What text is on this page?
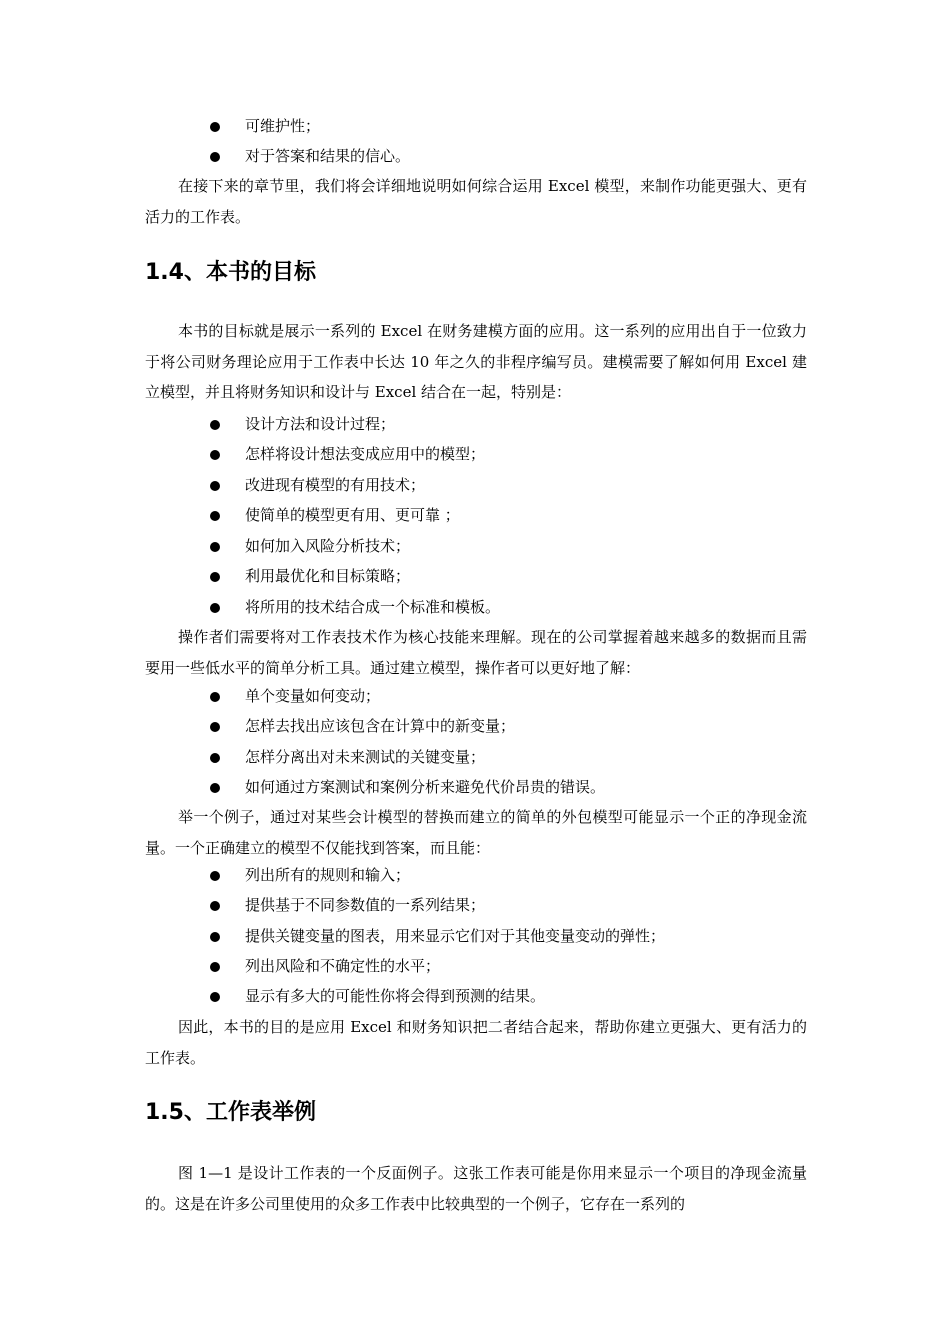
可维护性；
对于答案和结果的信心。

在接下来的章节里，我们将会详细地说明如何综合运用 Excel 模型，来制作功能更强大、更有活力的工作表。

1.4、本书的目标

本书的目标就是展示一系列的 Excel 在财务建模方面的应用。这一系列的应用出自于一位致力于将公司财务理论应用于工作表中长达 10 年之久的非程序编写员。建模需要了解如何用 Excel 建立模型，并且将财务知识和设计与 Excel 结合在一起，特别是：

设计方法和设计过程；
怎样将设计想法变成应用中的模型；
改进现有模型的有用技术；
使简单的模型更有用、更可靠 ；
如何加入风险分析技术；
利用最优化和目标策略；
将所用的技术结合成一个标准和模板。

操作者们需要将对工作表技术作为核心技能来理解。现在的公司掌握着越来越多的数据而且需要用一些低水平的简单分析工具。通过建立模型，操作者可以更好地了解：

单个变量如何变动；
怎样去找出应该包含在计算中的新变量；
怎样分离出对未来测试的关键变量；
如何通过方案测试和案例分析来避免代价昂贵的错误。

举一个例子，通过对某些会计模型的替换而建立的简单的外包模型可能显示一个正的净现金流量。一个正确建立的模型不仅能找到答案，而且能：

列出所有的规则和输入；
提供基于不同参数值的一系列结果；
提供关键变量的图表，用来显示它们对于其他变量变动的弹性；
列出风险和不确定性的水平；
显示有多大的可能性你将会得到预测的结果。

因此，本书的目的是应用 Excel 和财务知识把二者结合起来，帮助你建立更强大、更有活力的工作表。

1.5、工作表举例

图 1—1 是设计工作表的一个反面例子。这张工作表可能是你用来显示一个项目的净现金流量的。这是在许多公司里使用的众多工作表中比较典型的一个例子，它存在一系列的
